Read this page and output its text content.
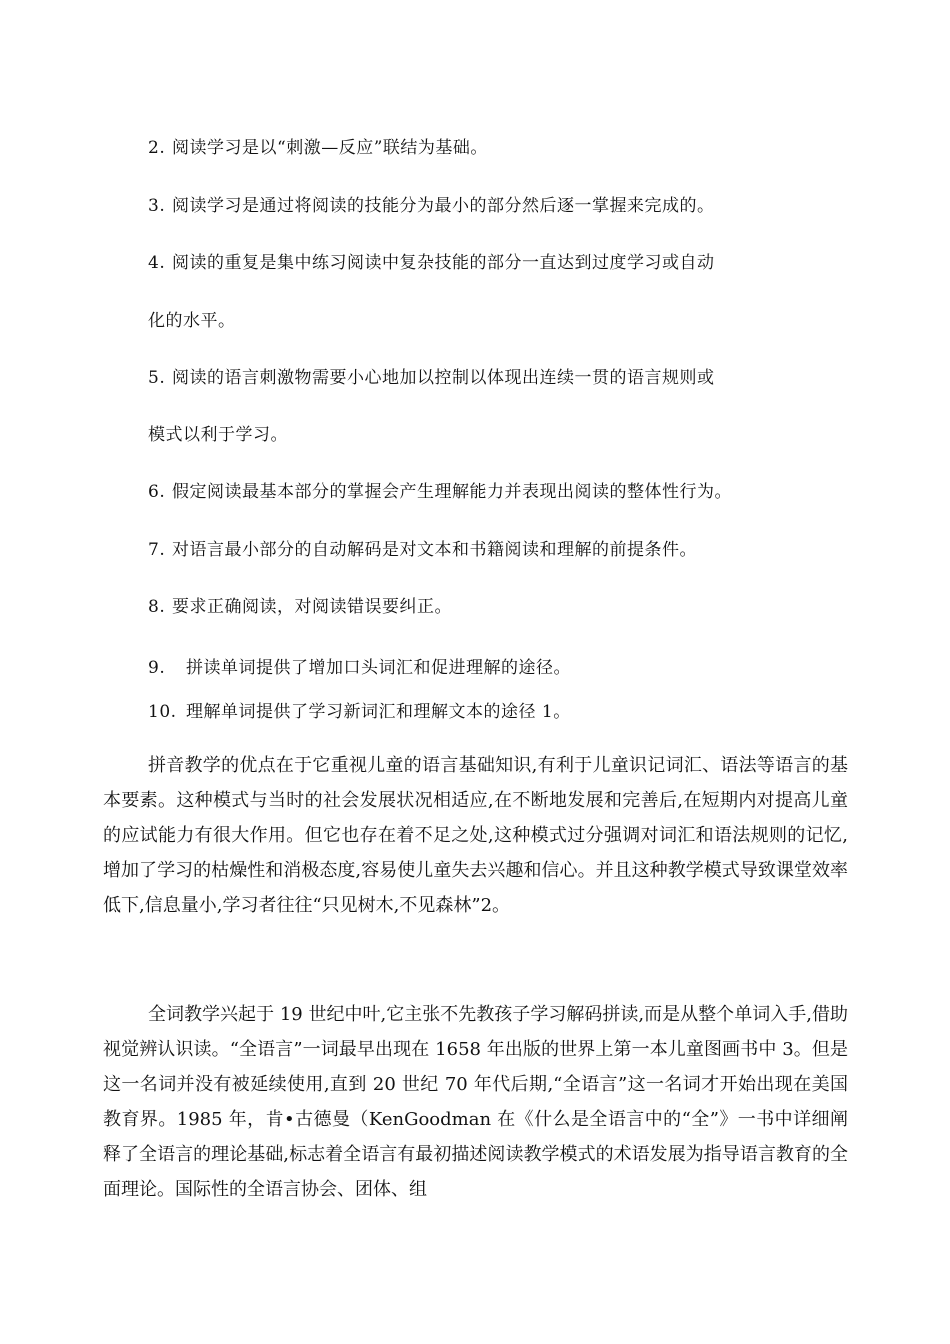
2. 阅读学习是以“刺激—反应”联结为基础。
3. 阅读学习是通过将阅读的技能分为最小的部分然后逐一掌握来完成的。
4. 阅读的重复是集中练习阅读中复杂技能的部分一直达到过度学习或自动
化的水平。
5. 阅读的语言刺激物需要小心地加以控制以体现出连续一贯的语言规则或
模式以利于学习。
6. 假定阅读最基本部分的掌握会产生理解能力并表现出阅读的整体性行为。
7. 对语言最小部分的自动解码是对文本和书籍阅读和理解的前提条件。
8. 要求正确阅读，对阅读错误要纠正。
9. 拼读单词提供了增加口头词汇和促进理解的途径。
10. 理解单词提供了学习新词汇和理解文本的途径 1。

拼音教学的优点在于它重视儿童的语言基础知识,有利于儿童识记词汇、语法等语言的基本要素。这种模式与当时的社会发展状况相适应,在不断地发展和完善后,在短期内对提高儿童的应试能力有很大作用。但它也存在着不足之处,这种模式过分强调对词汇和语法规则的记忆,增加了学习的枯燥性和消极态度,容易使儿童失去兴趣和信心。并且这种教学模式导致课堂效率低下,信息量小,学习者往往“只见树木,不见森林”2。

全词教学兴起于 19 世纪中叶,它主张不先教孩子学习解码拼读,而是从整个单词入手,借助视觉辨认识读。“全语言”一词最早出现在 1658 年出版的世界上第一本儿童图画书中 3。但是这一名词并没有被延续使用,直到 20 世纪 70 年代后期,“全语言”这一名词才开始出现在美国教育界。1985 年，肯•古德曼（KenGoodman 在《什么是全语言中的“全”》一书中详细阐释了全语言的理论基础,标志着全语言有最初描述阅读教学模式的术语发展为指导语言教育的全面理论。国际性的全语言协会、团体、组
